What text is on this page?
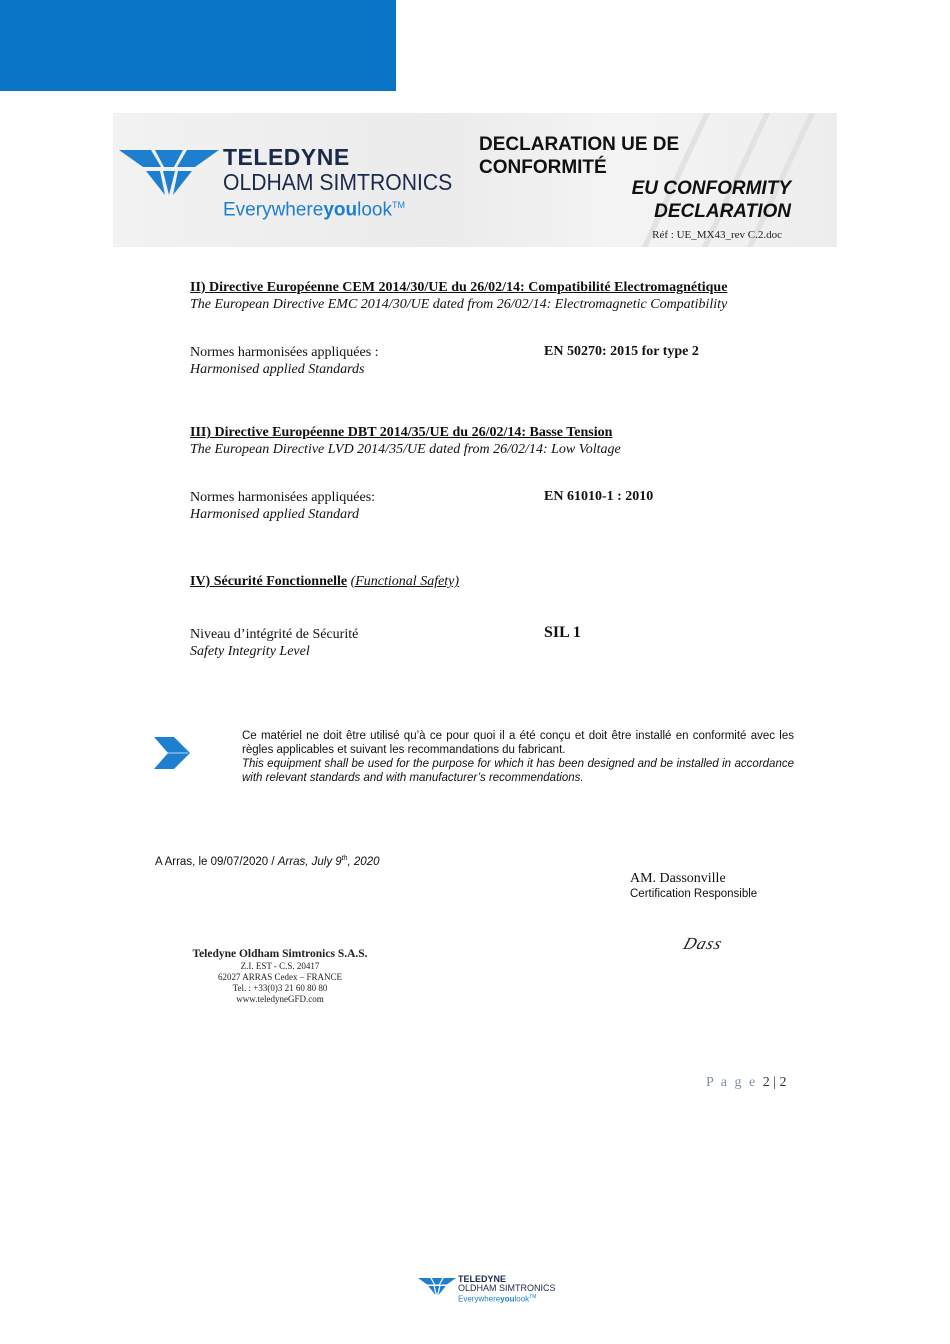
TELEDYNE
OLDHAM SIMTRONICS
Everywhereyoulook™
DECLARATION UE DE
CONFORMITÉ
EU CONFORMITY
DECLARATION
Réf : UE_MX43_rev C.2.doc
II) Directive Européenne CEM 2014/30/UE du 26/02/14: Compatibilité Electromagnétique
The European Directive EMC 2014/30/UE dated from 26/02/14: Electromagnetic Compatibility
Normes harmonisées appliquées :
Harmonised applied Standards
EN 50270: 2015 for type 2
III) Directive Européenne DBT 2014/35/UE du 26/02/14: Basse Tension
The European Directive LVD 2014/35/UE dated from 26/02/14: Low Voltage
Normes harmonisées appliquées:
Harmonised applied Standard
EN 61010-1 : 2010
IV) Sécurité Fonctionnelle (Functional Safety)
Niveau d’intégrité de Sécurité
Safety Integrity Level
SIL 1
Ce matériel ne doit être utilisé qu’à ce pour quoi il a été conçu et doit être installé en conformité avec les règles applicables et suivant les recommandations du fabricant.
This equipment shall be used for the purpose for which it has been designed and be installed in accordance with relevant standards and with manufacturer’s recommendations.
A Arras, le 09/07/2020 / Arras, July 9th, 2020
AM. Dassonville
Certification Responsible
Dass
Teledyne Oldham Simtronics S.A.S.
Z.I. EST - C.S. 20417
62027 ARRAS Cedex – FRANCE
Tel. : +33(0)3 21 60 80 80
www.teledyneGFD.com
P a g e 2 | 2
TELEDYNE
OLDHAM SIMTRONICS
Everywhereyoulook™
